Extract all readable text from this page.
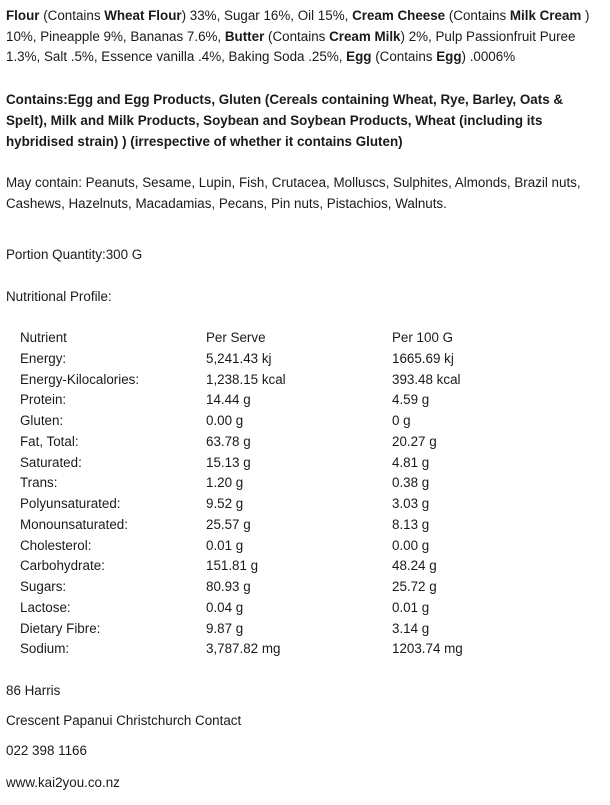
Flour (Contains Wheat Flour) 33%, Sugar 16%, Oil 15%, Cream Cheese (Contains Milk Cream ) 10%, Pineapple 9%, Bananas 7.6%, Butter (Contains Cream Milk) 2%, Pulp Passionfruit Puree 1.3%, Salt .5%, Essence vanilla .4%, Baking Soda .25%, Egg (Contains Egg) .0006%

Contains:Egg and Egg Products, Gluten (Cereals containing Wheat, Rye, Barley, Oats & Spelt), Milk and Milk Products, Soybean and Soybean Products, Wheat (including its hybridised strain) ) (irrespective of whether it contains Gluten)

May contain: Peanuts, Sesame, Lupin, Fish, Crutacea, Molluscs, Sulphites, Almonds, Brazil nuts, Cashews, Hazelnuts, Macadamias, Pecans, Pin nuts, Pistachios, Walnuts.

Portion Quantity:300 G
Nutritional Profile:
Nutrient	Per Serve	Per 100 G
Energy:	5,241.43 kj	1665.69 kj
Energy-Kilocalories:	1,238.15 kcal	393.48 kcal
Protein:	14.44 g	4.59 g
Gluten:	0.00 g	0 g
Fat, Total:	63.78 g	20.27 g
Saturated:	15.13 g	4.81 g
Trans:	1.20 g	0.38 g
Polyunsaturated:	9.52 g	3.03 g
Monounsaturated:	25.57 g	8.13 g
Cholesterol:	0.01 g	0.00 g
Carbohydrate:	151.81 g	48.24 g
Sugars:	80.93 g	25.72 g
Lactose:	0.04 g	0.01 g
Dietary Fibre:	9.87 g	3.14 g
Sodium:	3,787.82 mg	1203.74 mg
86 Harris
Crescent Papanui Christchurch Contact
022 398 1166
www.kai2you.co.nz
